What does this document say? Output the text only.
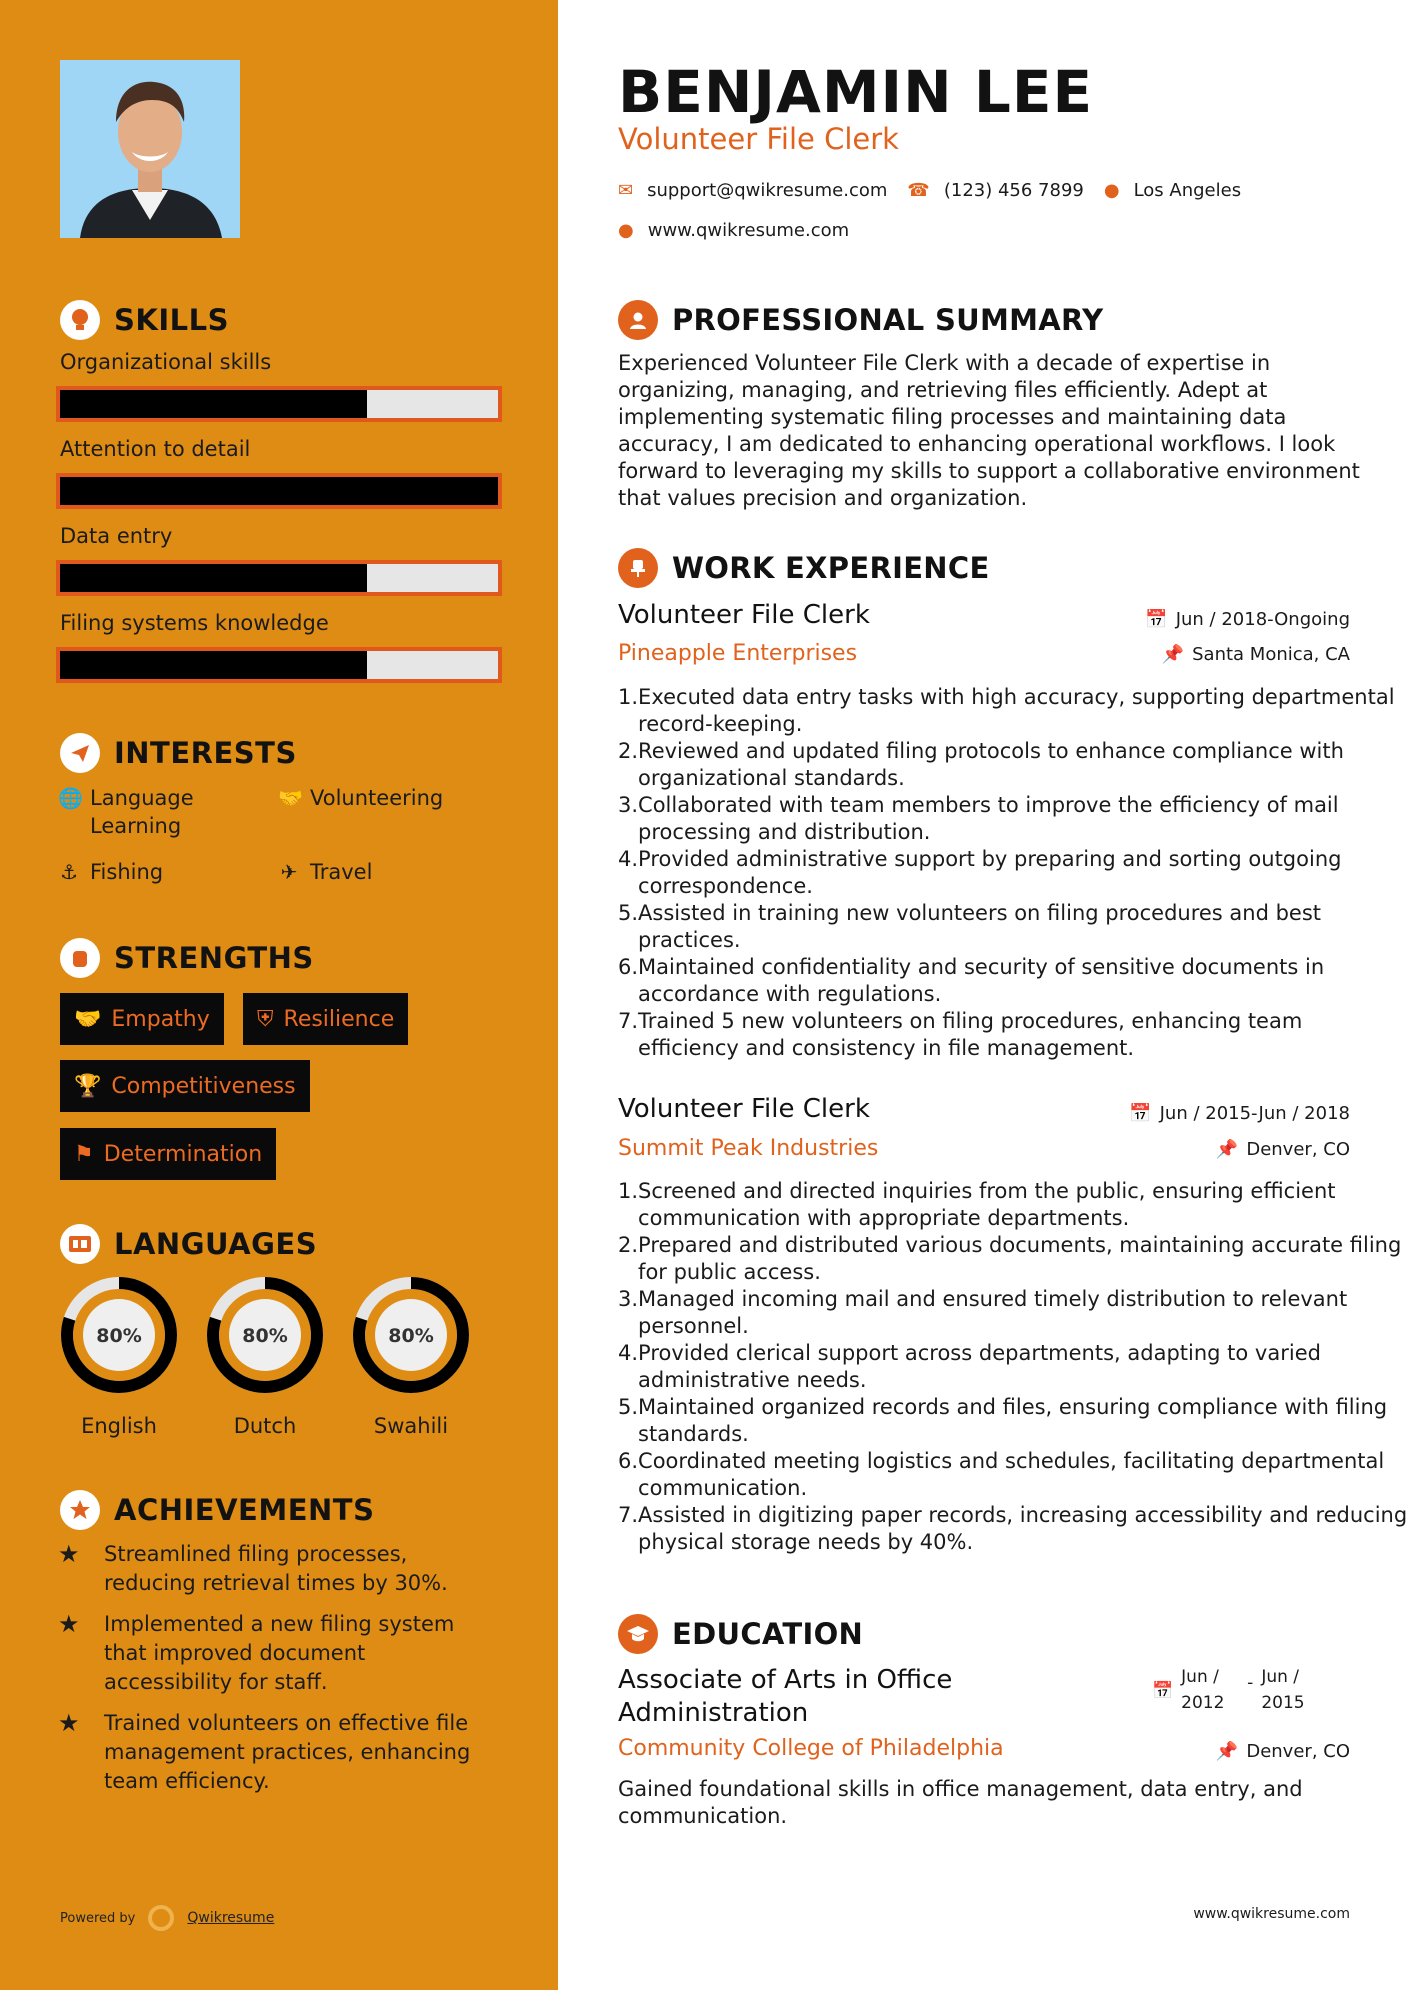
SKILLS
Organizational skills
Attention to detail
Data entry
Filing systems knowledge
INTERESTS
🌐 Language Learning
🤝 Volunteering
⚓ Fishing	✈ Travel
STRENGTHS
🤝 Empathy ⛨ Resilience
🏆 Competitiveness
⚑ Determination
LANGUAGES
80%
English
80%
Dutch
80%
Swahili
ACHIEVEMENTS
★	Streamlined filing processes, reducing retrieval times by 30%.
★	Implemented a new filing system that improved document accessibility for staff.
★	Trained volunteers on effective file management practices, enhancing team efficiency.
Powered by	Qwikresume
BENJAMIN LEE
Volunteer File Clerk
✉ support@qwikresume.com ☎ (123) 456 7899 ● Los Angeles
● www.qwikresume.com
PROFESSIONAL SUMMARY
Experienced Volunteer File Clerk with a decade of expertise in organizing, managing, and retrieving files efficiently. Adept at implementing systematic filing processes and maintaining data accuracy, I am dedicated to enhancing operational workflows. I look forward to leveraging my skills to support a collaborative environment that values precision and organization.
WORK EXPERIENCE
Volunteer File Clerk	📅 Jun / 2018-Ongoing
Pineapple Enterprises	📌 Santa Monica, CA
1. Executed data entry tasks with high accuracy, supporting departmental record-keeping.
2. Reviewed and updated filing protocols to enhance compliance with organizational standards.
3. Collaborated with team members to improve the efficiency of mail processing and distribution.
4. Provided administrative support by preparing and sorting outgoing correspondence.
5. Assisted in training new volunteers on filing procedures and best practices.
6. Maintained confidentiality and security of sensitive documents in accordance with regulations.
7. Trained 5 new volunteers on filing procedures, enhancing team efficiency and consistency in file management.
Volunteer File Clerk	📅 Jun / 2015-Jun / 2018
Summit Peak Industries	📌 Denver, CO
1. Screened and directed inquiries from the public, ensuring efficient communication with appropriate departments.
2. Prepared and distributed various documents, maintaining accurate filing for public access.
3. Managed incoming mail and ensured timely distribution to relevant personnel.
4. Provided clerical support across departments, adapting to varied administrative needs.
5. Maintained organized records and files, ensuring compliance with filing standards.
6. Coordinated meeting logistics and schedules, facilitating departmental communication.
7. Assisted in digitizing paper records, increasing accessibility and reducing physical storage needs by 40%.
EDUCATION
Associate of Arts in Office Administration
📅
Jun / 2012
- Jun / 2015
Community College of Philadelphia	📌 Denver, CO
Gained foundational skills in office management, data entry, and communication.
www.qwikresume.com
